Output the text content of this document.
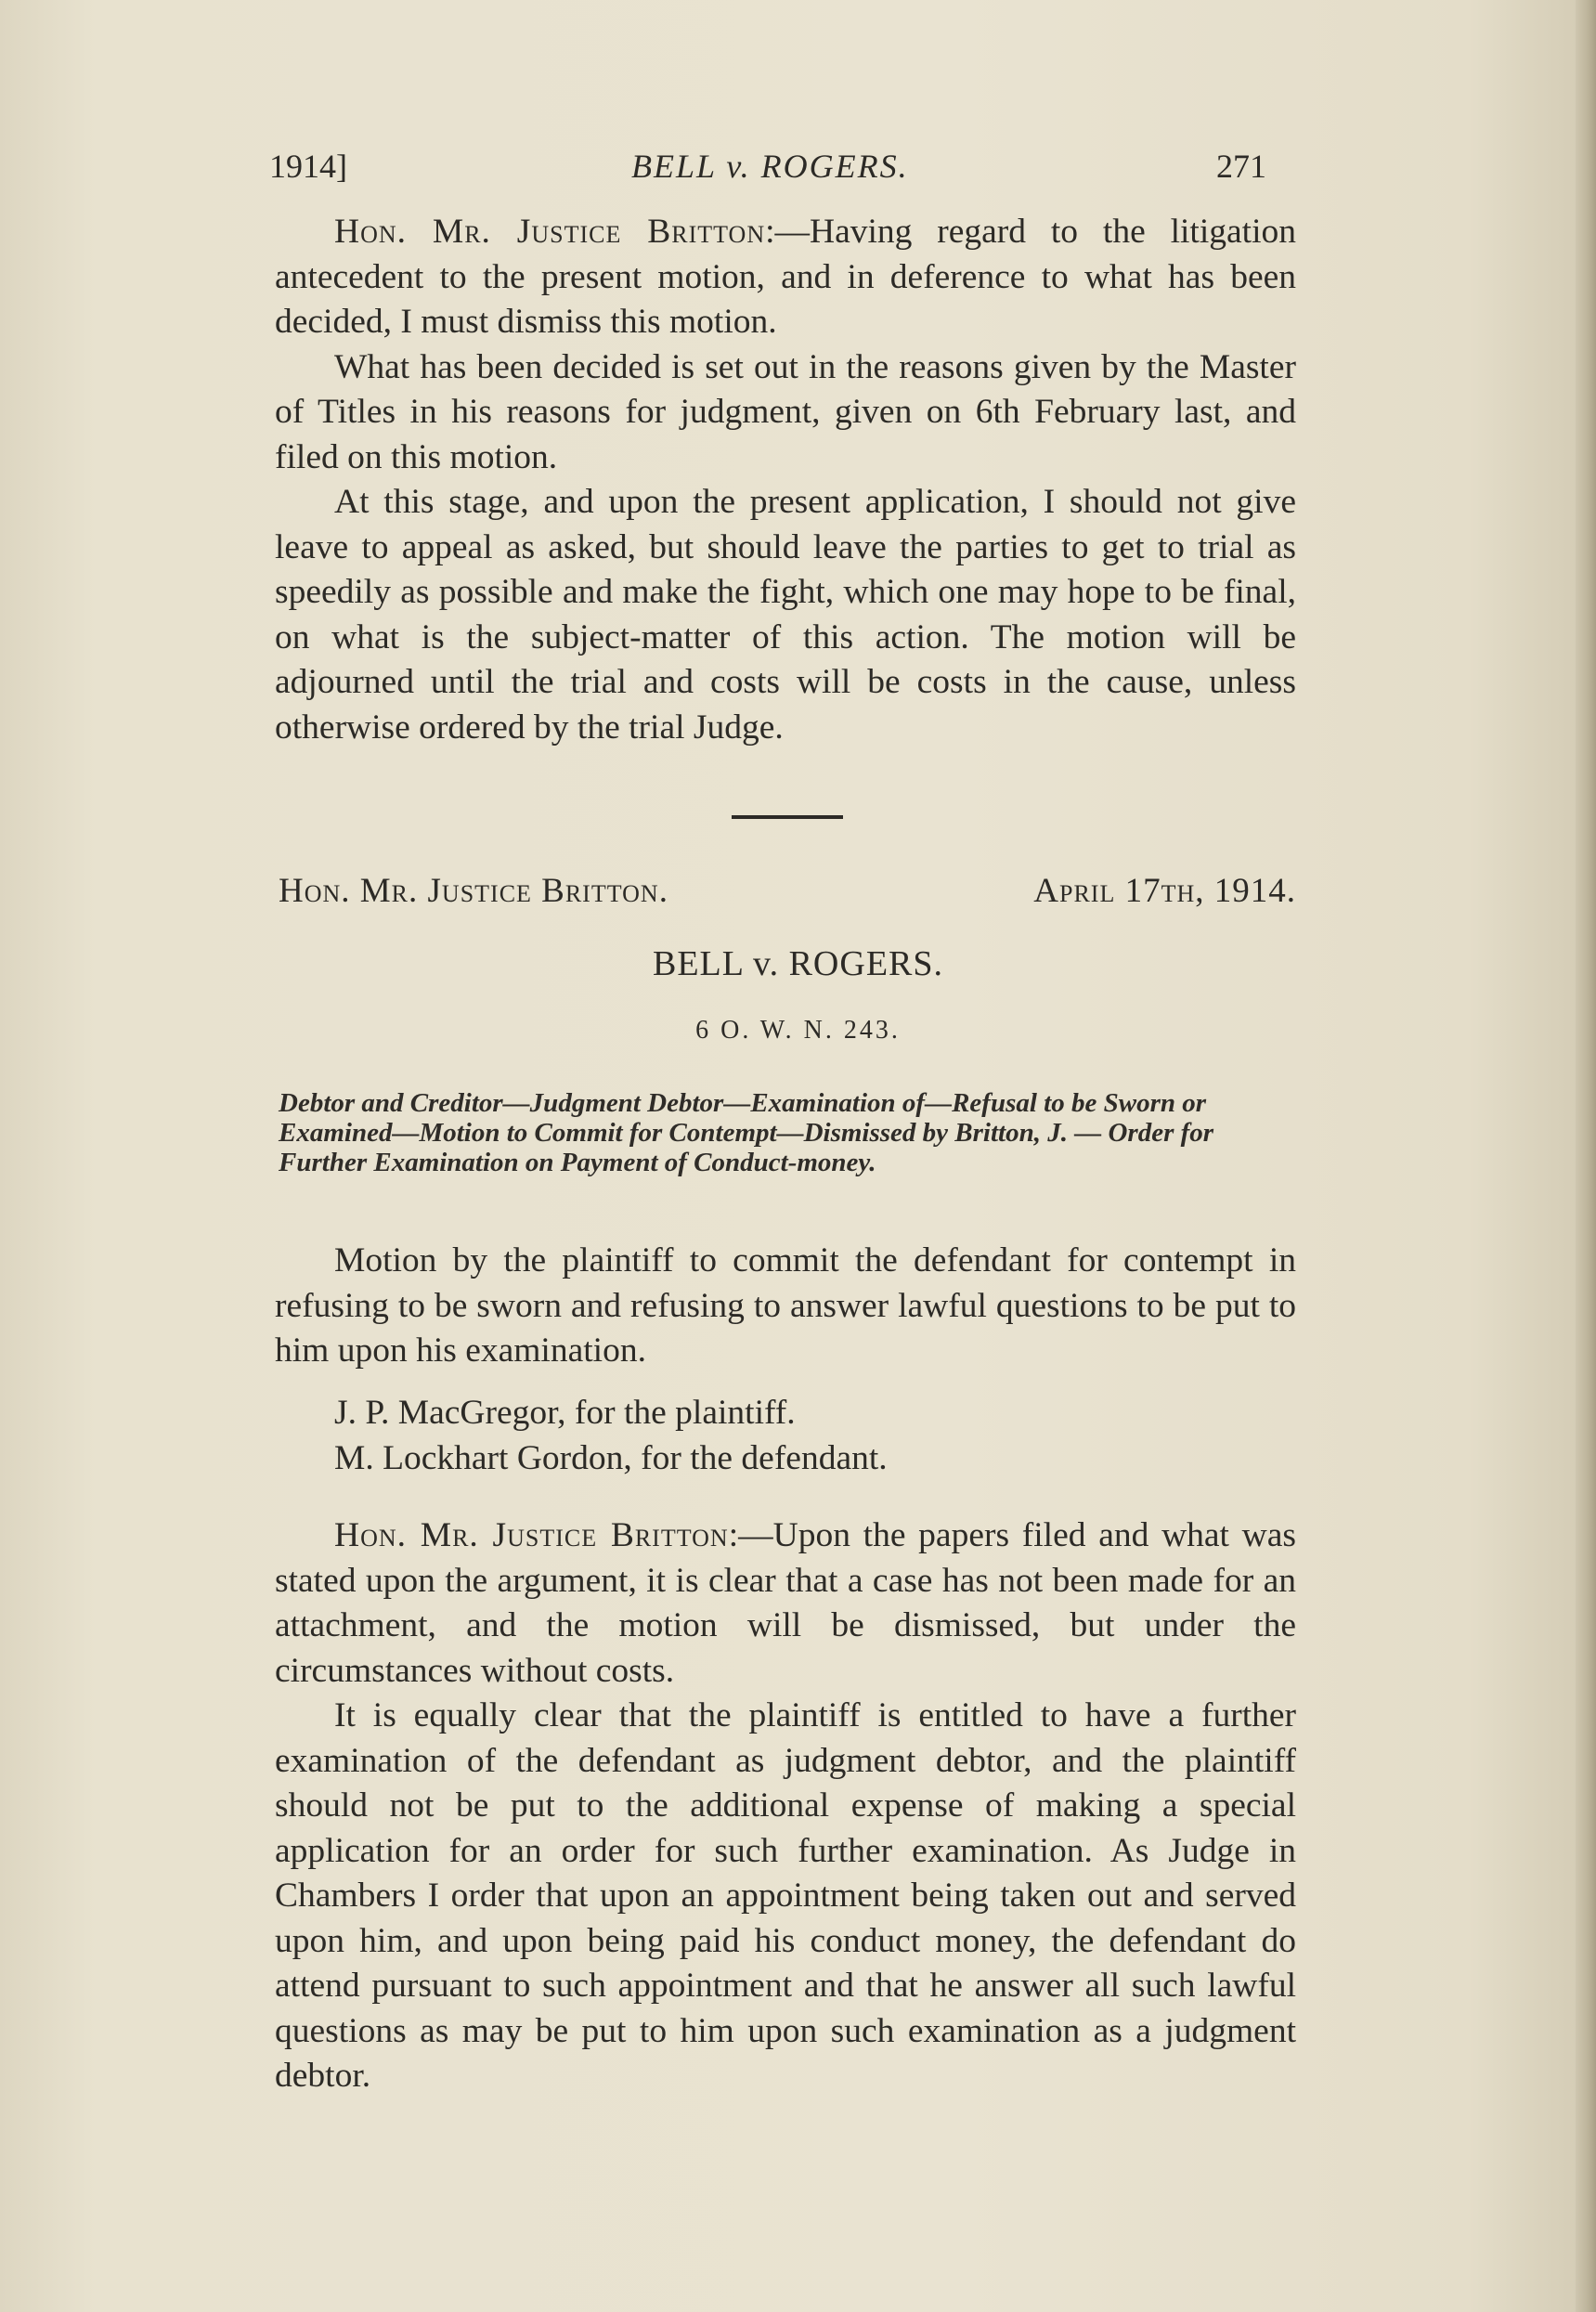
1914]	BELL v. ROGERS.	271

Hon. Mr. Justice Britton:—Having regard to the litigation antecedent to the present motion, and in deference to what has been decided, I must dismiss this motion.

What has been decided is set out in the reasons given by the Master of Titles in his reasons for judgment, given on 6th February last, and filed on this motion.

At this stage, and upon the present application, I should not give leave to appeal as asked, but should leave the parties to get to trial as speedily as possible and make the fight, which one may hope to be final, on what is the subject-matter of this action. The motion will be adjourned until the trial and costs will be costs in the cause, unless otherwise ordered by the trial Judge.

Hon. Mr. Justice Britton.	April 17th, 1914.
BELL v. ROGERS.
6 O. W. N. 243.

Debtor and Creditor—Judgment Debtor—Examination of—Refusal to be Sworn or Examined—Motion to Commit for Contempt—Dismissed by Britton, J. — Order for Further Examination on Payment of Conduct-money.

Motion by the plaintiff to commit the defendant for contempt in refusing to be sworn and refusing to answer lawful questions to be put to him upon his examination.

J. P. MacGregor, for the plaintiff.

M. Lockhart Gordon, for the defendant.

Hon. Mr. Justice Britton:—Upon the papers filed and what was stated upon the argument, it is clear that a case has not been made for an attachment, and the motion will be dismissed, but under the circumstances without costs.

It is equally clear that the plaintiff is entitled to have a further examination of the defendant as judgment debtor, and the plaintiff should not be put to the additional expense of making a special application for an order for such further examination. As Judge in Chambers I order that upon an appointment being taken out and served upon him, and upon being paid his conduct money, the defendant do attend pursuant to such appointment and that he answer all such lawful questions as may be put to him upon such examination as a judgment debtor.
